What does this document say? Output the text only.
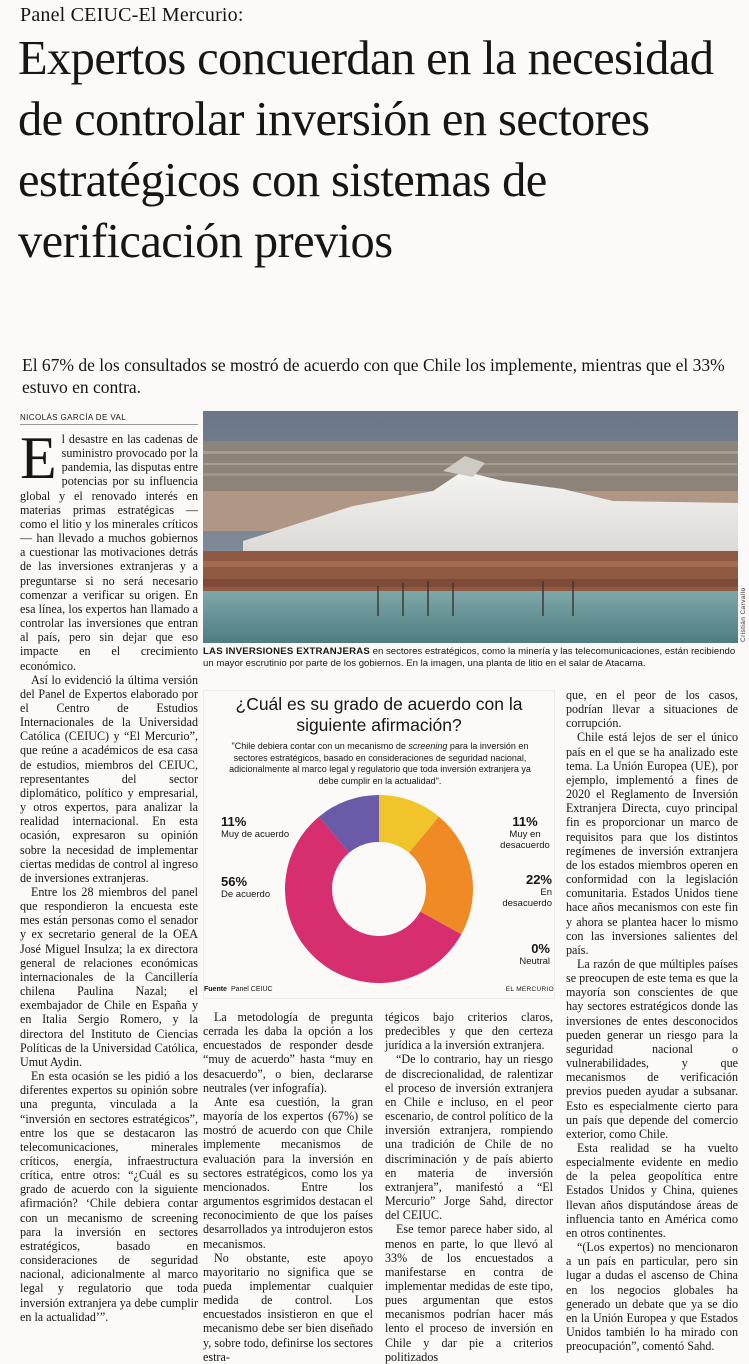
Panel CEIUC-El Mercurio:
Expertos concuerdan en la necesidad de controlar inversión en sectores estratégicos con sistemas de verificación previos

El 67% de los consultados se mostró de acuerdo con que Chile los implemente, mientras que el 33% estuvo en contra.

NICOLÁS GARCÍA DE VAL

El desastre en las cadenas de suministro provocado por la pandemia, las disputas entre potencias por su influencia global y el renovado interés en materias primas estratégicas —como el litio y los minerales críticos— han llevado a muchos gobiernos a cuestionar las motivaciones detrás de las inversiones extranjeras y a preguntarse si no será necesario comenzar a verificar su origen. En esa línea, los expertos han llamado a controlar las inversiones que entran al país, pero sin dejar que eso impacte en el crecimiento económico.

Así lo evidenció la última versión del Panel de Expertos elaborado por el Centro de Estudios Internacionales de la Universidad Católica (CEIUC) y “El Mercurio”, que reúne a académicos de esa casa de estudios, miembros del CEIUC, representantes del sector diplomático, político y empresarial, y otros expertos, para analizar la realidad internacional. En esta ocasión, expresaron su opinión sobre la necesidad de implementar ciertas medidas de control al ingreso de inversiones extranjeras.

Entre los 28 miembros del panel que respondieron la encuesta este mes están personas como el senador y ex secretario general de la OEA José Miguel Insulza; la ex directora general de relaciones económicas internacionales de la Cancillería chilena Paulina Nazal; el exembajador de Chile en España y en Italia Sergio Romero, y la directora del Instituto de Ciencias Políticas de la Universidad Católica, Umut Aydin.

En esta ocasión se les pidió a los diferentes expertos su opinión sobre una pregunta, vinculada a la “inversión en sectores estratégicos”, entre los que se destacaron las telecomunicaciones, minerales críticos, energía, infraestructura crítica, entre otros: “¿Cuál es su grado de acuerdo con la siguiente afirmación? ‘Chile debiera contar con un mecanismo de screening para la inversión en sectores estratégicos, basado en consideraciones de seguridad nacional, adicionalmente al marco legal y regulatorio que toda inversión extranjera ya debe cumplir en la actualidad’”.

Cristián Carvallo
LAS INVERSIONES EXTRANJERAS en sectores estratégicos, como la minería y las telecomunicaciones, están recibiendo un mayor escrutinio por parte de los gobiernos. En la imagen, una planta de litio en el salar de Atacama.
¿Cuál es su grado de acuerdo con la siguiente afirmación?
"Chile debiera contar con un mecanismo de screening para la inversión en sectores estratégicos, basado en consideraciones de seguridad nacional, adicionalmente al marco legal y regulatorio que toda inversión extranjera ya debe cumplir en la actualidad".
11%
Muy de acuerdo
56%
De acuerdo
11%
Muy en desacuerdo
22%
En desacuerdo
0%
Neutral
Fuente Panel CEIUC	EL MERCURIO

La metodología de pregunta cerrada les daba la opción a los encuestados de responder desde “muy de acuerdo” hasta “muy en desacuerdo”, o bien, declararse neutrales (ver infografía).

Ante esa cuestión, la gran mayoría de los expertos (67%) se mostró de acuerdo con que Chile implemente mecanismos de evaluación para la inversión en sectores estratégicos, como los ya mencionados. Entre los argumentos esgrimidos destacan el reconocimiento de que los países desarrollados ya introdujeron estos mecanismos.

No obstante, este apoyo mayoritario no significa que se pueda implementar cualquier medida de control. Los encuestados insistieron en que el mecanismo debe ser bien diseñado y, sobre todo, definirse los sectores estra-

tégicos bajo criterios claros, predecibles y que den certeza jurídica a la inversión extranjera.

“De lo contrario, hay un riesgo de discrecionalidad, de ralentizar el proceso de inversión extranjera en Chile e incluso, en el peor escenario, de control político de la inversión extranjera, rompiendo una tradición de Chile de no discriminación y de país abierto en materia de inversión extranjera”, manifestó a “El Mercurio” Jorge Sahd, director del CEIUC.

Ese temor parece haber sido, al menos en parte, lo que llevó al 33% de los encuestados a manifestarse en contra de implementar medidas de este tipo, pues argumentan que estos mecanismos podrían hacer más lento el proceso de inversión en Chile y dar pie a criterios politizados

que, en el peor de los casos, podrían llevar a situaciones de corrupción.

Chile está lejos de ser el único país en el que se ha analizado este tema. La Unión Europea (UE), por ejemplo, implementó a fines de 2020 el Reglamento de Inversión Extranjera Directa, cuyo principal fin es proporcionar un marco de requisitos para que los distintos regímenes de inversión extranjera de los estados miembros operen en conformidad con la legislación comunitaria. Estados Unidos tiene hace años mecanismos con este fin y ahora se plantea hacer lo mismo con las inversiones salientes del país.

La razón de que múltiples países se preocupen de este tema es que la mayoría son conscientes de que hay sectores estratégicos donde las inversiones de entes desconocidos pueden generar un riesgo para la seguridad nacional o vulnerabilidades, y que mecanismos de verificación previos pueden ayudar a subsanar. Esto es especialmente cierto para un país que depende del comercio exterior, como Chile.

Esta realidad se ha vuelto especialmente evidente en medio de la pelea geopolítica entre Estados Unidos y China, quienes llevan años disputándose áreas de influencia tanto en América como en otros continentes.

“(Los expertos) no mencionaron a un país en particular, pero sin lugar a dudas el ascenso de China en los negocios globales ha generado un debate que ya se dio en la Unión Europea y que Estados Unidos también lo ha mirado con preocupación”, comentó Sahd.
